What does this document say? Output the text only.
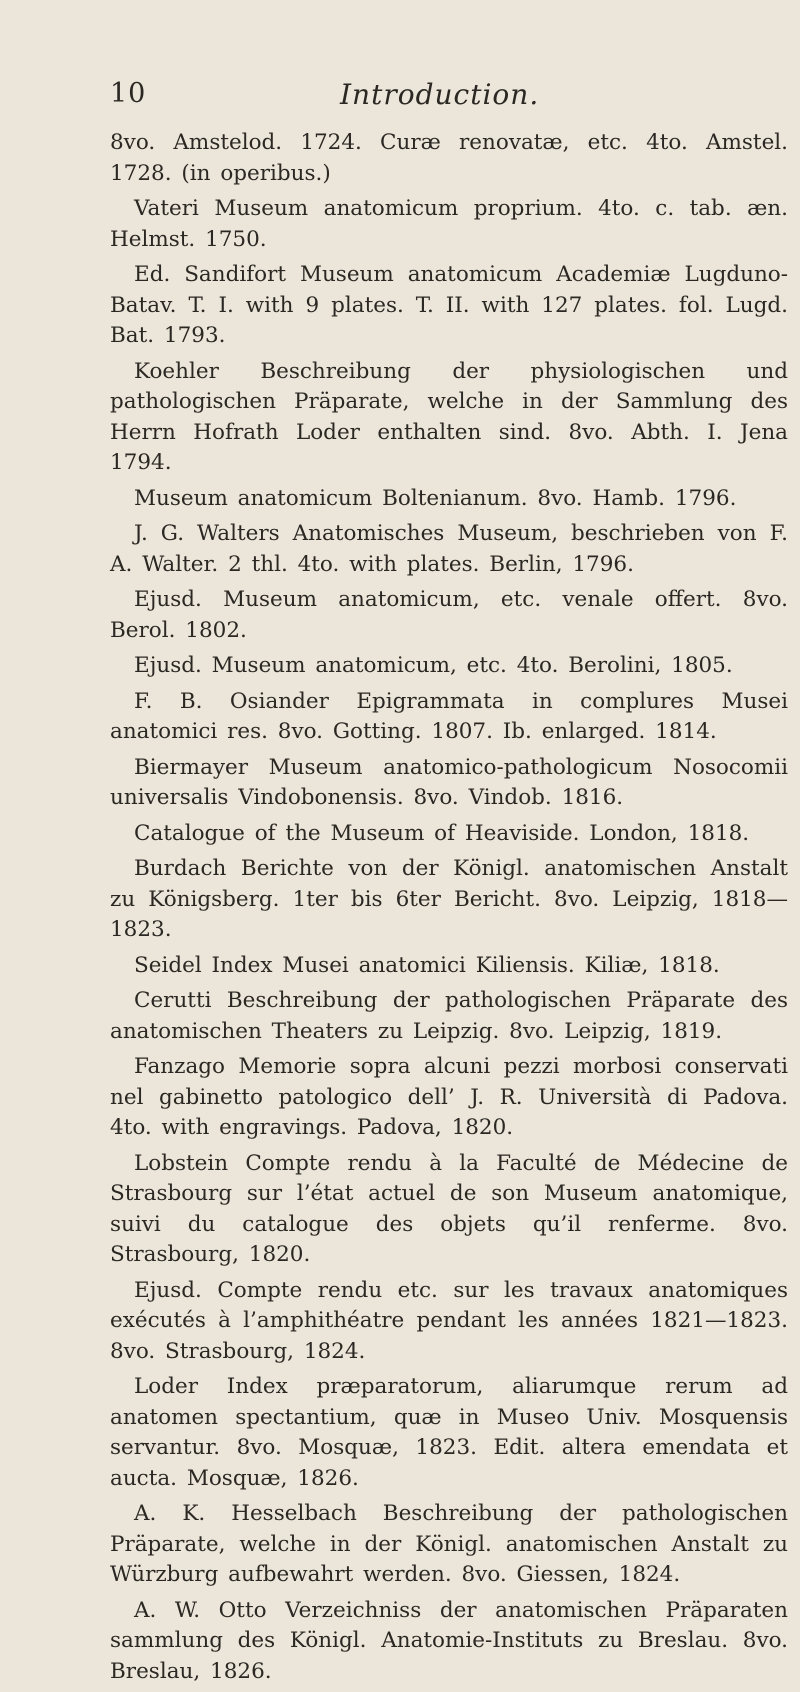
10	Introduction.

8vo. Amstelod. 1724. Curæ renovatæ, etc. 4to. Amstel. 1728. (in operibus.)

Vateri Museum anatomicum proprium. 4to. c. tab. æn. Helmst. 1750.

Ed. Sandifort Museum anatomicum Academiæ Lugduno-Batav. T. I. with 9 plates. T. II. with 127 plates. fol. Lugd. Bat. 1793.

Koehler Beschreibung der physiologischen und pathologischen Präparate, welche in der Sammlung des Herrn Hofrath Loder enthalten sind. 8vo. Abth. I. Jena 1794.

Museum anatomicum Boltenianum. 8vo. Hamb. 1796.

J. G. Walters Anatomisches Museum, beschrieben von F. A. Walter. 2 thl. 4to. with plates. Berlin, 1796.

Ejusd. Museum anatomicum, etc. venale offert. 8vo. Berol. 1802.

Ejusd. Museum anatomicum, etc. 4to. Berolini, 1805.

F. B. Osiander Epigrammata in complures Musei anatomici res. 8vo. Gotting. 1807. Ib. enlarged. 1814.

Biermayer Museum anatomico-pathologicum Nosocomii universalis Vindobonensis. 8vo. Vindob. 1816.

Catalogue of the Museum of Heaviside. London, 1818.

Burdach Berichte von der Königl. anatomischen Anstalt zu Königsberg. 1ter bis 6ter Bericht. 8vo. Leipzig, 1818—1823.

Seidel Index Musei anatomici Kiliensis. Kiliæ, 1818.

Cerutti Beschreibung der pathologischen Präparate des anatomischen Theaters zu Leipzig. 8vo. Leipzig, 1819.

Fanzago Memorie sopra alcuni pezzi morbosi conservati nel gabinetto patologico dell’ J. R. Università di Padova. 4to. with engravings. Padova, 1820.

Lobstein Compte rendu à la Faculté de Médecine de Strasbourg sur l’état actuel de son Museum anatomique, suivi du catalogue des objets qu’il renferme. 8vo. Strasbourg, 1820.

Ejusd. Compte rendu etc. sur les travaux anatomiques exécutés à l’amphithéatre pendant les années 1821—1823. 8vo. Strasbourg, 1824.

Loder Index præparatorum, aliarumque rerum ad anatomen spectantium, quæ in Museo Univ. Mosquensis servantur. 8vo. Mosquæ, 1823. Edit. altera emendata et aucta. Mosquæ, 1826.

A. K. Hesselbach Beschreibung der pathologischen Präparate, welche in der Königl. anatomischen Anstalt zu Würzburg aufbewahrt werden. 8vo. Giessen, 1824.

A. W. Otto Verzeichniss der anatomischen Präparaten sammlung des Königl. Anatomie-Instituts zu Breslau. 8vo. Breslau, 1826.
